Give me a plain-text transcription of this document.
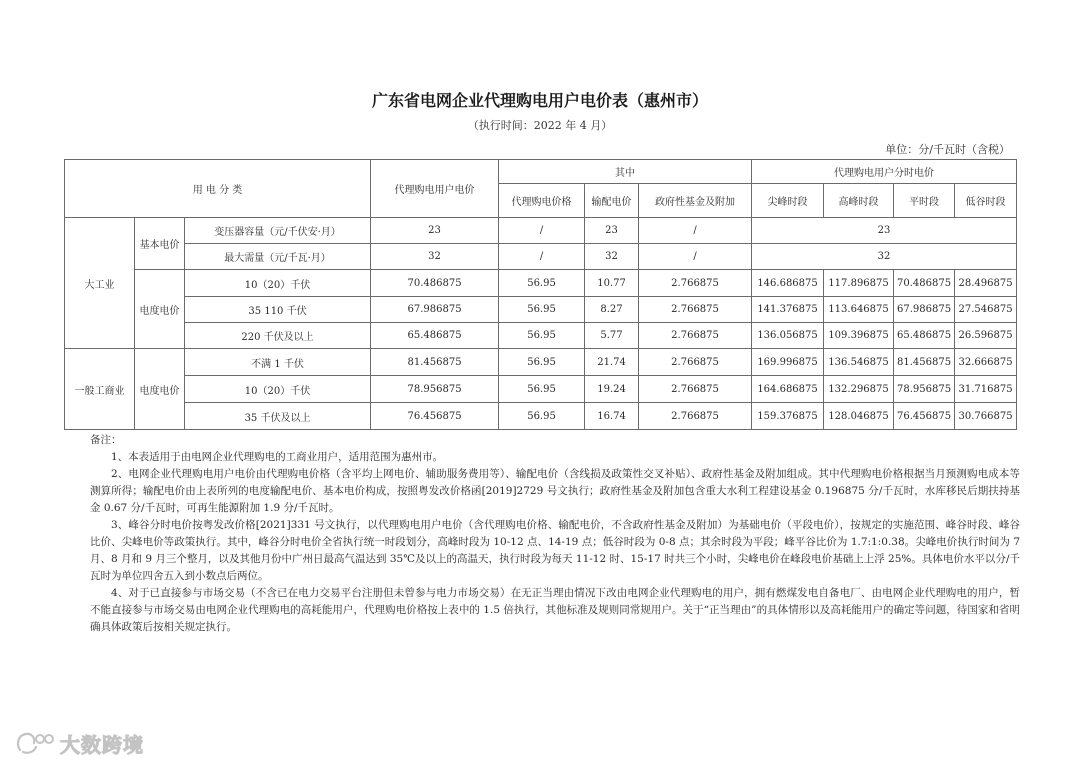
广东省电网企业代理购电用户电价表（惠州市）
（执行时间：2022 年 4 月）
单位：分/千瓦时（含税）
用 电 分 类			代理购电用户电价	其中			代理购电用户分时电价			
				代理购电价格	输配电价	政府性基金及附加	尖峰时段	高峰时段	平时段	低谷时段
大工业	基本电价	变压器容量（元/千伏安·月）	23	/	23	/	23			
		最大需量（元/千瓦·月）	32	/	32	/	32			
	电度电价	10（20）千伏	70.486875	56.95	10.77	2.766875	146.686875	117.896875	70.486875	28.496875
		35 110 千伏	67.986875	56.95	8.27	2.766875	141.376875	113.646875	67.986875	27.546875
		220 千伏及以上	65.486875	56.95	5.77	2.766875	136.056875	109.396875	65.486875	26.596875
一般工商业	电度电价	不满 1 千伏	81.456875	56.95	21.74	2.766875	169.996875	136.546875	81.456875	32.666875
		10（20）千伏	78.956875	56.95	19.24	2.766875	164.686875	132.296875	78.956875	31.716875
		35 千伏及以上	76.456875	56.95	16.74	2.766875	159.376875	128.046875	76.456875	30.766875

备注：

1、本表适用于由电网企业代理购电的工商业用户，适用范围为惠州市。

2、电网企业代理购电用户电价由代理购电价格（含平均上网电价、辅助服务费用等）、输配电价（含线损及政策性交叉补贴）、政府性基金及附加组成。其中代理购电价格根据当月预测购电成本等测算所得；输配电价由上表所列的电度输配电价、基本电价构成，按照粤发改价格函[2019]2729 号文执行；政府性基金及附加包含重大水利工程建设基金 0.196875 分/千瓦时，水库移民后期扶持基金 0.67 分/千瓦时，可再生能源附加 1.9 分/千瓦时。

3、峰谷分时电价按粤发改价格[2021]331 号文执行，以代理购电用户电价（含代理购电价格、输配电价，不含政府性基金及附加）为基础电价（平段电价），按规定的实施范围、峰谷时段、峰谷比价、尖峰电价等政策执行。其中，峰谷分时电价全省执行统一时段划分，高峰时段为 10-12 点、14-19 点；低谷时段为 0-8 点；其余时段为平段；峰平谷比价为 1.7:1:0.38。尖峰电价执行时间为 7 月、8 月和 9 月三个整月，以及其他月份中广州日最高气温达到 35℃及以上的高温天，执行时段为每天 11-12 时、15-17 时共三个小时，尖峰电价在峰段电价基础上上浮 25%。具体电价水平以分/千瓦时为单位四舍五入到小数点后两位。

4、对于已直接参与市场交易（不含已在电力交易平台注册但未曾参与电力市场交易）在无正当理由情况下改由电网企业代理购电的用户，拥有燃煤发电自备电厂、由电网企业代理购电的用户，暂不能直接参与市场交易由电网企业代理购电的高耗能用户，代理购电价格按上表中的 1.5 倍执行，其他标准及规则同常规用户。关于“正当理由”的具体情形以及高耗能用户的确定等问题，待国家和省明确具体政策后按相关规定执行。

大数跨境
